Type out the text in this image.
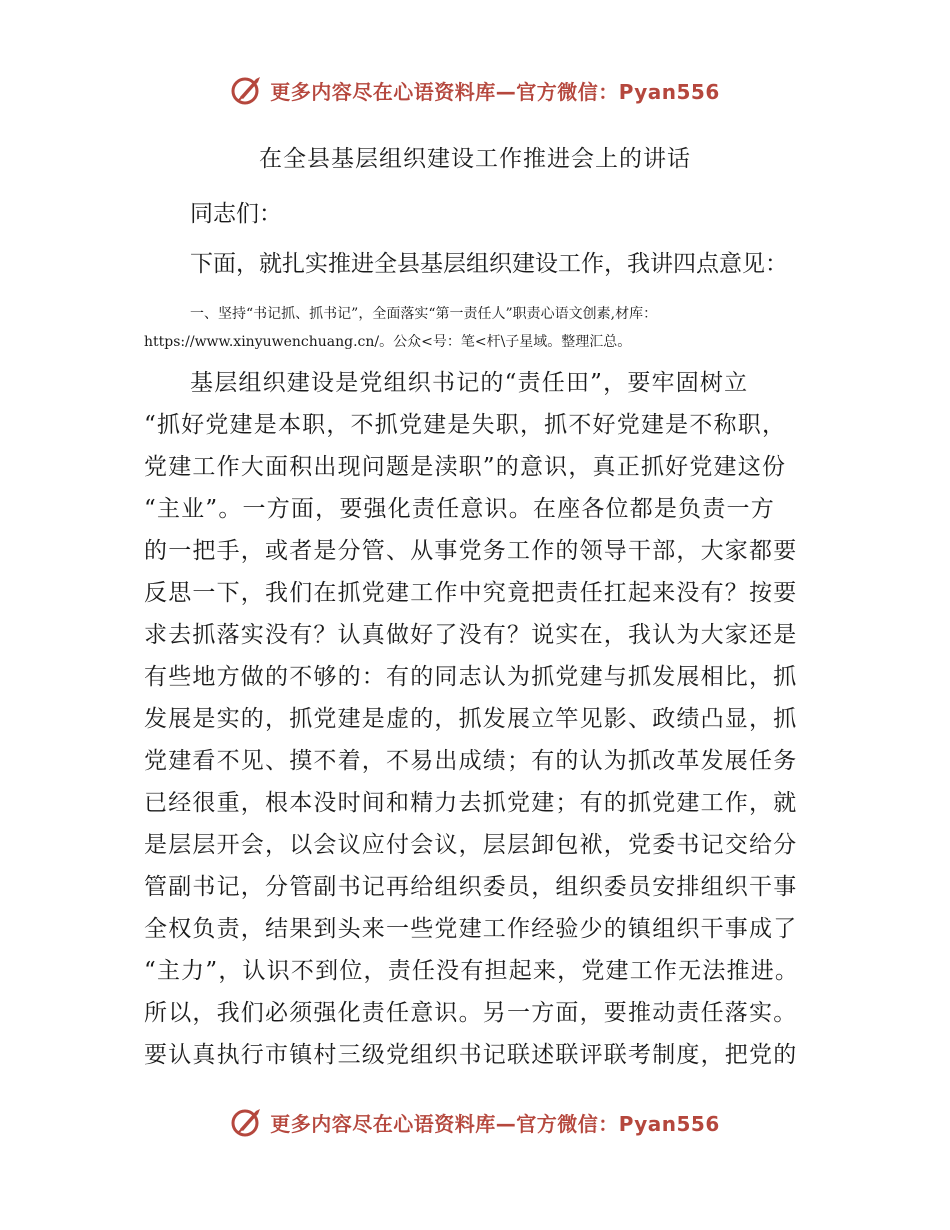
更多内容尽在心语资料库—官方微信：Pyan556
在全县基层组织建设工作推进会上的讲话

同志们：

下面，就扎实推进全县基层组织建设工作，我讲四点意见：

一、坚持“书记抓、抓书记”，全面落实“第一责任人”职责心语文创素,材库：https://www.xinyuwenchuang.cn/。公众<号：笔<杆\子星域。整理汇总。

基层组织建设是党组织书记的“责任田”，要牢固树立
“抓好党建是本职，不抓党建是失职，抓不好党建是不称职，
党建工作大面积出现问题是渎职”的意识，真正抓好党建这份
“主业”。一方面，要强化责任意识。在座各位都是负责一方
的一把手，或者是分管、从事党务工作的领导干部，大家都要
反思一下，我们在抓党建工作中究竟把责任扛起来没有？按要
求去抓落实没有？认真做好了没有？说实在，我认为大家还是
有些地方做的不够的：有的同志认为抓党建与抓发展相比，抓
发展是实的，抓党建是虚的，抓发展立竿见影、政绩凸显，抓
党建看不见、摸不着，不易出成绩；有的认为抓改革发展任务
已经很重，根本没时间和精力去抓党建；有的抓党建工作，就
是层层开会，以会议应付会议，层层卸包袱，党委书记交给分
管副书记，分管副书记再给组织委员，组织委员安排组织干事
全权负责，结果到头来一些党建工作经验少的镇组织干事成了
“主力”，认识不到位，责任没有担起来，党建工作无法推进。
所以，我们必须强化责任意识。另一方面，要推动责任落实。
要认真执行市镇村三级党组织书记联述联评联考制度，把党的
更多内容尽在心语资料库—官方微信：Pyan556
